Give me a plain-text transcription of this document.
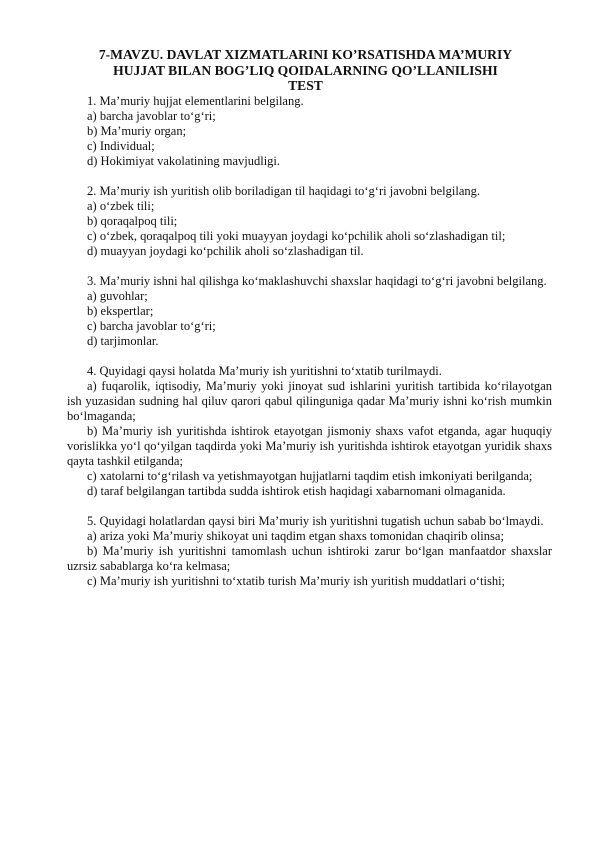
7-MAVZU. DAVLAT XIZMATLARINI KO’RSATISHDA MA’MURIY
HUJJAT BILAN BOG’LIQ QOIDALARNING QO’LLANILISHI
TEST

1. Ma’muriy hujjat elementlarini belgilang.

a) barcha javoblar to‘g‘ri;

b) Ma’muriy organ;

c) Individual;

d) Hokimiyat vakolatining mavjudligi.

2. Ma’muriy ish yuritish olib boriladigan til haqidagi to‘g‘ri javobni belgilang.

a) o‘zbek tili;

b) qoraqalpoq tili;

c) o‘zbek, qoraqalpoq tili yoki muayyan joydagi ko‘pchilik aholi so‘zlashadigan til;

d) muayyan joydagi ko‘pchilik aholi so‘zlashadigan til.

3. Ma’muriy ishni hal qilishga ko‘maklashuvchi shaxslar haqidagi to‘g‘ri javobni belgilang.

a) guvohlar;

b) ekspertlar;

c) barcha javoblar to‘g‘ri;

d) tarjimonlar.

4. Quyidagi qaysi holatda Ma’muriy ish yuritishni to‘xtatib turilmaydi.

a) fuqarolik, iqtisodiy, Ma’muriy yoki jinoyat sud ishlarini yuritish tartibida ko‘rilayotgan ish yuzasidan sudning hal qiluv qarori qabul qilinguniga qadar Ma’muriy ishni ko‘rish mumkin bo‘lmaganda;

b) Ma’muriy ish yuritishda ishtirok etayotgan jismoniy shaxs vafot etganda, agar huquqiy vorislikka yo‘l qo‘yilgan taqdirda yoki Ma’muriy ish yuritishda ishtirok etayotgan yuridik shaxs qayta tashkil etilganda;

c) xatolarni to‘g‘rilash va yetishmayotgan hujjatlarni taqdim etish imkoniyati berilganda;

d) taraf belgilangan tartibda sudda ishtirok etish haqidagi xabarnomani olmaganida.

5. Quyidagi holatlardan qaysi biri Ma’muriy ish yuritishni tugatish uchun sabab bo‘lmaydi.

a) ariza yoki Ma’muriy shikoyat uni taqdim etgan shaxs tomonidan chaqirib olinsa;

b) Ma’muriy ish yuritishni tamomlash uchun ishtiroki zarur bo‘lgan manfaatdor shaxslar uzrsiz sabablarga ko‘ra kelmasa;

c) Ma’muriy ish yuritishni to‘xtatib turish Ma’muriy ish yuritish muddatlari o‘tishi;
